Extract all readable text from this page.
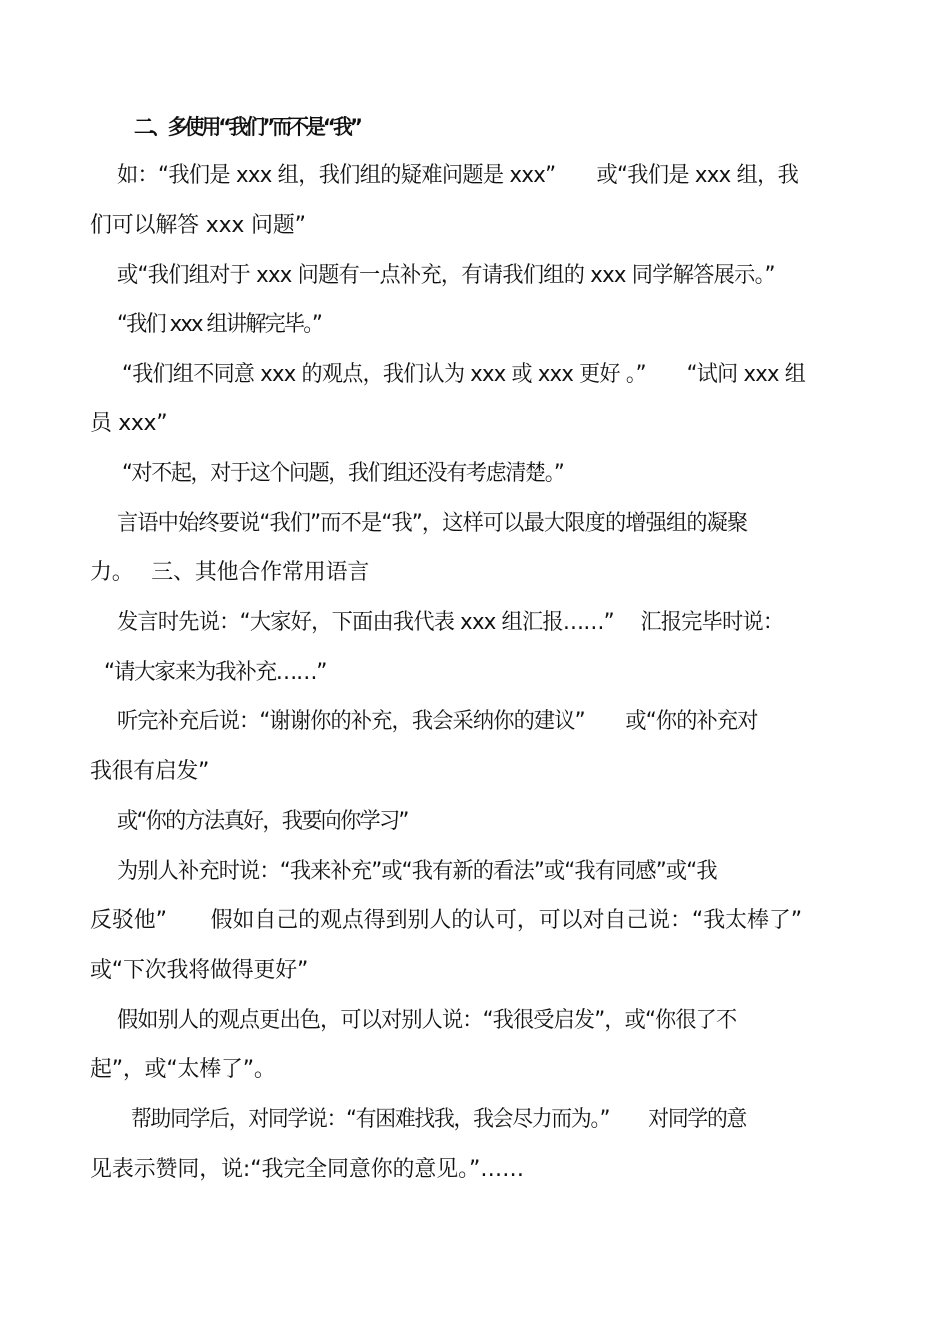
二、多使用“我们”而不是“我”
如：“我们是 xxx 组，我们组的疑难问题是 xxx”　　或“我们是 xxx 组，我
们可以解答 xxx 问题”
或“我们组对于 xxx 问题有一点补充，有请我们组的 xxx 同学解答展示。”
“我们 xxx 组讲解完毕。”
“我们组不同意 xxx 的观点，我们认为 xxx 或 xxx 更好 。”　　“试问 xxx 组
员 xxx”
“对不起，对于这个问题，我们组还没有考虑清楚。”
言语中始终要说“我们”而不是“我”，这样可以最大限度的增强组的凝聚
力。　 三、其他合作常用语言
发言时先说：“大家好，下面由我代表 xxx 组汇报……”　 汇报完毕时说：
“请大家来为我补充……”
听完补充后说：“谢谢你的补充，我会采纳你的建议”　　或“你的补充对
我很有启发”
或“你的方法真好，我要向你学习”
为别人补充时说：“我来补充”或“我有新的看法”或“我有同感”或“我
反驳他”　　假如自己的观点得到别人的认可，可以对自己说：“我太棒了”
或“下次我将做得更好”
假如别人的观点更出色，可以对别人说：“我很受启发”，或“你很了不
起”，或“太棒了”。
帮助同学后，对同学说：“有困难找我，我会尽力而为。”　　对同学的意
见表示赞同，说:“我完全同意你的意见。”……
